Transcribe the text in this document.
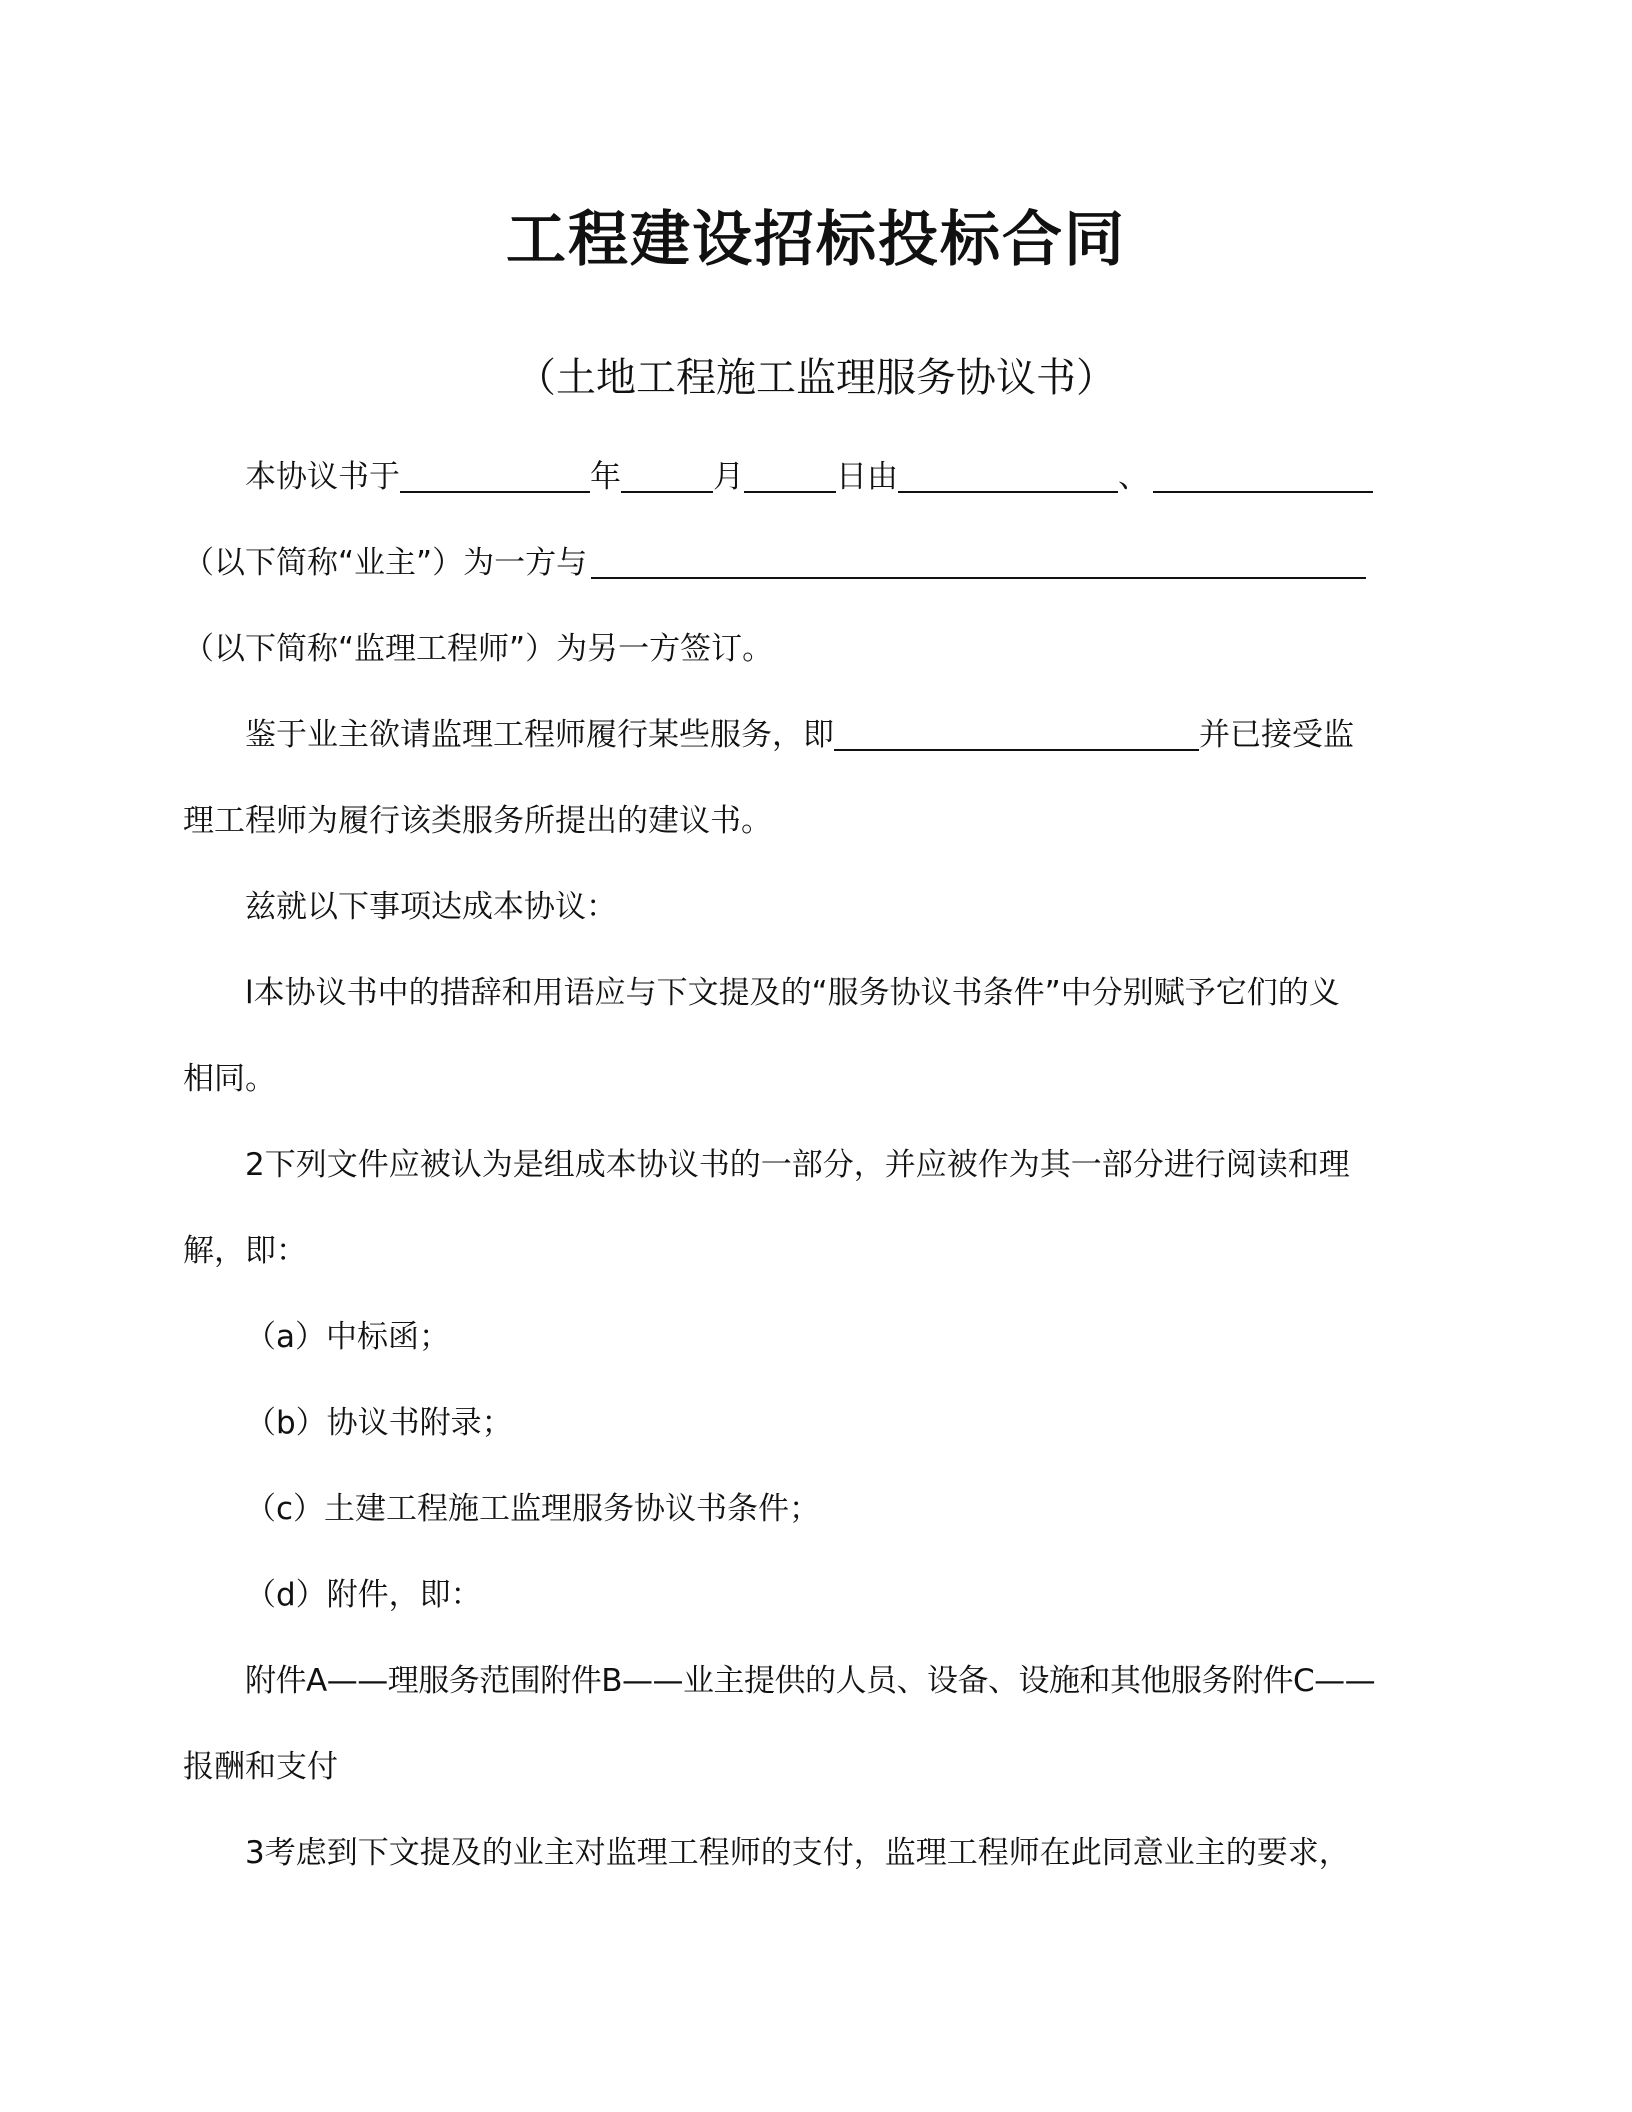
工程建设招标投标合同
（土地工程施工监理服务协议书）
本协议书于	年	月	日由	、
（以下简称“业主”）为一方与
（以下简称“监理工程师”）为另一方签订。
鉴于业主欲请监理工程师履行某些服务，即	并已接受监
理工程师为履行该类服务所提出的建议书。
兹就以下事项达成本协议：
l本协议书中的措辞和用语应与下文提及的“服务协议书条件”中分别赋予它们的义
相同。
2下列文件应被认为是组成本协议书的一部分，并应被作为其一部分进行阅读和理
解，即：
（a）中标函；
（b）协议书附录；
（c）土建工程施工监理服务协议书条件；
（d）附件，即：
附件A——理服务范围附件B——业主提供的人员、设备、设施和其他服务附件C——
报酬和支付
3考虑到下文提及的业主对监理工程师的支付，监理工程师在此同意业主的要求，
